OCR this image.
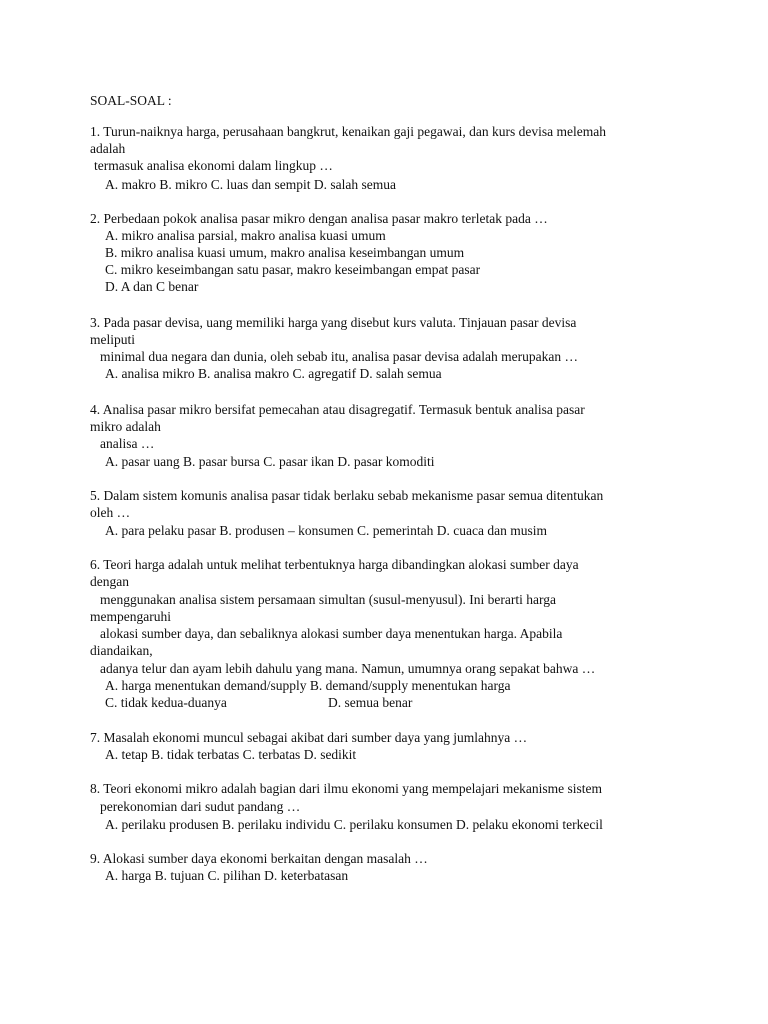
SOAL-SOAL :
1. Turun-naiknya harga, perusahaan bangkrut, kenaikan gaji pegawai, dan kurs devisa melemah
adalah
termasuk analisa ekonomi dalam lingkup …
A. makro B. mikro C. luas dan sempit D. salah semua
2. Perbedaan pokok analisa pasar mikro dengan analisa pasar makro terletak pada …
A. mikro analisa parsial, makro analisa kuasi umum
B. mikro analisa kuasi umum, makro analisa keseimbangan umum
C. mikro keseimbangan satu pasar, makro keseimbangan empat pasar
D. A dan C benar
3. Pada pasar devisa, uang memiliki harga yang disebut kurs valuta. Tinjauan pasar devisa
meliputi
minimal dua negara dan dunia, oleh sebab itu, analisa pasar devisa adalah merupakan …
A. analisa mikro B. analisa makro C. agregatif D. salah semua
4. Analisa pasar mikro bersifat pemecahan atau disagregatif. Termasuk bentuk analisa pasar
mikro adalah
analisa …
A. pasar uang B. pasar bursa C. pasar ikan D. pasar komoditi
5. Dalam sistem komunis analisa pasar tidak berlaku sebab mekanisme pasar semua ditentukan
oleh …
A. para pelaku pasar B. produsen – konsumen C. pemerintah D. cuaca dan musim
6. Teori harga adalah untuk melihat terbentuknya harga dibandingkan alokasi sumber daya
dengan
menggunakan analisa sistem persamaan simultan (susul-menyusul). Ini berarti harga
mempengaruhi
alokasi sumber daya, dan sebaliknya alokasi sumber daya menentukan harga. Apabila
diandaikan,
adanya telur dan ayam lebih dahulu yang mana. Namun, umumnya orang sepakat bahwa …
A. harga menentukan demand/supply B. demand/supply menentukan harga
C. tidak kedua-duanya	D. semua benar
7. Masalah ekonomi muncul sebagai akibat dari sumber daya yang jumlahnya …
A. tetap B. tidak terbatas C. terbatas D. sedikit
8. Teori ekonomi mikro adalah bagian dari ilmu ekonomi yang mempelajari mekanisme sistem
perekonomian dari sudut pandang …
A. perilaku produsen B. perilaku individu C. perilaku konsumen D. pelaku ekonomi terkecil
9. Alokasi sumber daya ekonomi berkaitan dengan masalah …
A. harga B. tujuan C. pilihan D. keterbatasan
